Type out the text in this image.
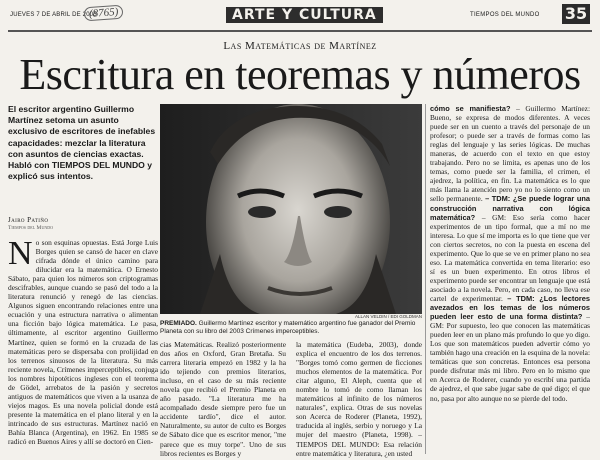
JUEVES 7 DE ABRIL DE 2005
(8765)	ARTE Y CULTURA	TIEMPOS DEL MUNDO 35
Las Matemáticas de Martínez
Escritura en teoremas y números
El escritor argentino Guillermo Martínez setoma un asunto exclusivo de escritores de inefables capacidades: mezclar la literatura con asuntos de ciencias exactas. Habló con TIEMPOS DEL MUNDO y explicó sus intentos.
Jairo Patiño
Tiempos del Mundo
No son esquinas opuestas. Está Jorge Luis Borges quien se cansó de hacer en clave cifrada dónde el único camino para dilucidar era la matemática. O Ernesto Sábato, para quien los números son criptogramas descifrables, aunque cuando se pasó del todo a la literatura renunció y renegó de las ciencias. Algunos siguen encontrando relaciones entre una ecuación y una estructura narrativa o alimentan una ficción bajo lógica matemática. Le pasa, últimamente, al escritor argentino Guillermo Martínez, quien se formó en la cruzada de las matemáticas pero se dispersaba con prolijidad en los terrenos sinuosos de la literatura. Su más reciente novela, Crímenes imperceptibles, conjuga los nombres hipotéticos ingleses con el teorema de Gödel, arrebatos de la pasión y secretos antiguos de matemáticos que viven a la usanza de viejos magos. Es una novela policial donde está presente la matemática en el plano literal y en la intrincado de sus estructuras. Martínez nació en Bahía Blanca (Argentina), en 1962. En 1985 se radicó en Buenos Aires y allí se doctoró en Cien-
ALLAN VELDIN / EDI GOLDMAN
PREMIADO. Guillermo Martínez escritor y matemático argentino fue ganador del Premio Planeta con su libro del 2003 Crímenes imperceptibles.
cias Matemáticas. Realizó posteriormente dos años en Oxford, Gran Bretaña. Su carrera literaria empezó en 1982 y la ha ido tejiendo con premios literarios, incluso, en el caso de su más reciente novela que recibió el Premio Planeta en año pasado. "La literatura me ha acompañado desde siempre pero fue un accidente tardío", dice el autor. Naturalmente, su autor de culto es Borges de Sábato dice que es escritor menor, "me parece que es muy torpe". Uno de sus libros recientes es Borges y
la matemática (Eudeba, 2003), donde explica el encuentro de los dos terrenos. "Borges tomó como germen de ficciones muchos elementos de la matemática. Por citar alguno, El Aleph, cuenta que el nombre lo tomó de como llaman los matemáticos al infinito de los números naturales", explica. Otras de sus novelas son Acerca de Roderer (Planeta, 1992), traducida al inglés, serbio y noruego y La mujer del maestro (Planeta, 1998). – TIEMPOS DEL MUNDO: Esa relación entre matemática y literatura, ¿en usted
cómo se manifiesta? – Guillermo Martínez: Bueno, se expresa de modos diferentes. A veces puede ser en un cuento a través del personaje de un profesor; o puede ser a través de formas como las reglas del lenguaje y las series lógicas. De muchas maneras, de acuerdo con el texto en que estoy trabajando. Pero no se limita, es apenas uno de los temas, como puede ser la familia, el crimen, el ajedrez, la política, en fin. La matemática es lo que más llama la atención pero yo no lo siento como un sello permanente. – TDM: ¿Se puede lograr una construcción narrativa con lógica matemática? – GM: Eso sería como hacer experimentos de un tipo formal, que a mí no me interesa. Lo que sí me importa es lo que tiene que ver con ciertos secretos, no con la puesta en escena del experimento. Que lo que se ve en primer plano no sea eso. La matemática convertida en tema literario: eso sí es un buen experimento. En otros libros el experimento puede ser encontrar un lenguaje que está asociado a la novela. Pero, en cada caso, no lleva ese cartel de experimentar. – TDM: ¿Los lectores avezados en los temas de los números pueden leer esto de una forma distinta? – GM: Por supuesto, leo que conocen las matemáticas pueden leer en un plano más profundo lo que yo digo. Los que son matemáticos pueden advertir cómo yo también hago una creación en la esquina de la novela: temáticas que son concretas. Entonces esa persona puede disfrutar más mi libro. Pero en lo mismo que en Acerca de Roderer, cuando yo escribí una partida de ajedrez, el que sabe jugar sabe de qué digo; el que no, pasa por alto aunque no se pierde del todo.
